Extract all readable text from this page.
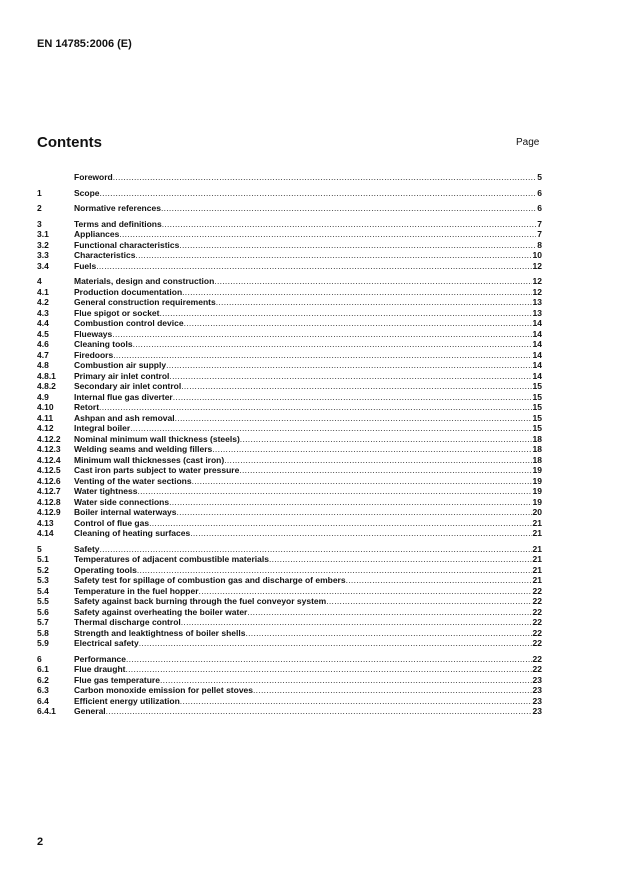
EN 14785:2006 (E)
Contents	Page
Foreword .....	5
1	Scope .....	6
2	Normative references .....	6
3	Terms and definitions .....	7
3.1	Appliances .....	7
3.2	Functional characteristics .....	8
3.3	Characteristics .....	10
3.4	Fuels .....	12
4	Materials, design and construction .....	12
4.1	Production documentation .....	12
4.2	General construction requirements .....	13
4.3	Flue spigot or socket .....	13
4.4	Combustion control device .....	14
4.5	Flueways .....	14
4.6	Cleaning tools .....	14
4.7	Firedoors .....	14
4.8	Combustion air supply .....	14
4.8.1	Primary air inlet control .....	14
4.8.2	Secondary air inlet control .....	15
4.9	Internal flue gas diverter .....	15
4.10	Retort .....	15
4.11	Ashpan and ash removal .....	15
4.12	Integral boiler .....	15
4.12.2	Nominal minimum wall thickness (steels) .....	18
4.12.3	Welding seams and welding fillers .....	18
4.12.4	Minimum wall thicknesses (cast iron) .....	18
4.12.5	Cast iron parts subject to water pressure .....	19
4.12.6	Venting of the water sections .....	19
4.12.7	Water tightness .....	19
4.12.8	Water side connections .....	19
4.12.9	Boiler internal waterways .....	20
4.13	Control of flue gas .....	21
4.14	Cleaning of heating surfaces .....	21
5	Safety .....	21
5.1	Temperatures of adjacent combustible materials .....	21
5.2	Operating tools .....	21
5.3	Safety test for spillage of combustion gas and discharge of embers .....	21
5.4	Temperature in the fuel hopper .....	22
5.5	Safety against back burning through the fuel conveyor system .....	22
5.6	Safety against overheating the boiler water .....	22
5.7	Thermal discharge control .....	22
5.8	Strength and leaktightness of boiler shells .....	22
5.9	Electrical safety .....	22
6	Performance .....	22
6.1	Flue draught .....	22
6.2	Flue gas temperature .....	23
6.3	Carbon monoxide emission for pellet stoves .....	23
6.4	Efficient energy utilization .....	23
6.4.1	General .....	23
2
